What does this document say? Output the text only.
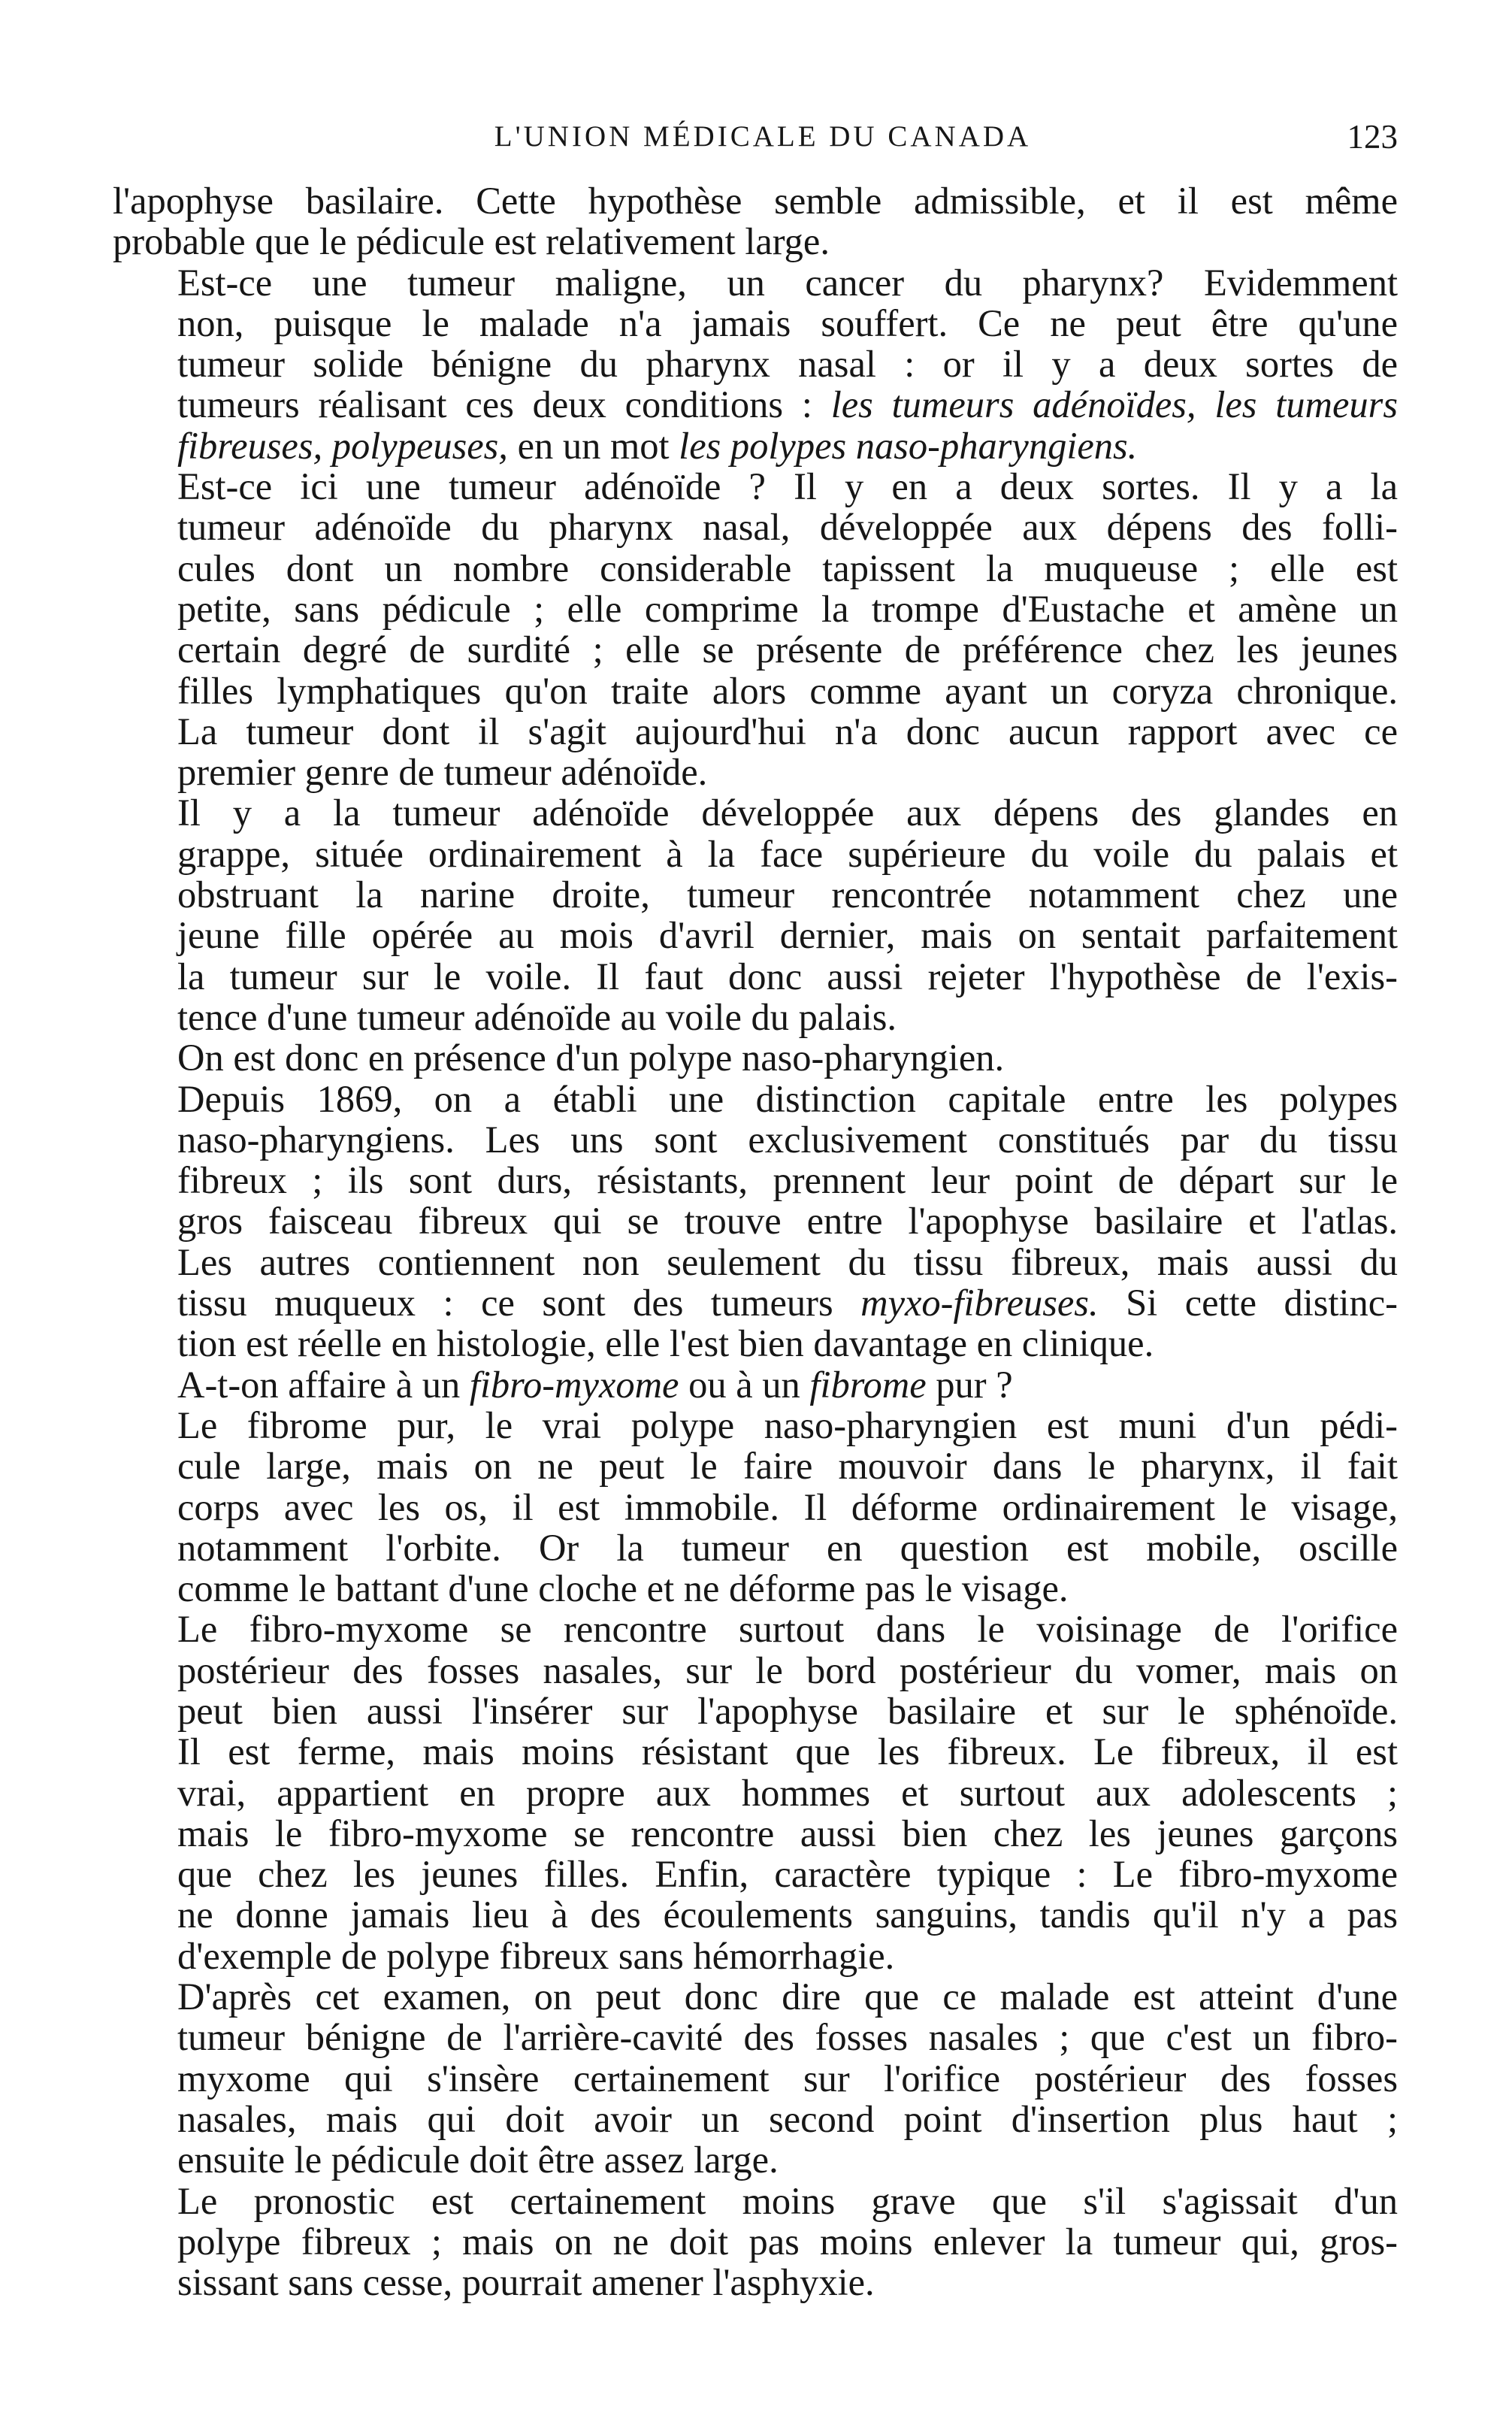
L'UNION MÉDICALE DU CANADA	123

l'apophyse basilaire. Cette hypothèse semble admissible, et il est même
probable que le pédicule est relativement large.

Est-ce une tumeur maligne, un cancer du pharynx? Evidemment
non, puisque le malade n'a jamais souffert. Ce ne peut être qu'une
tumeur solide bénigne du pharynx nasal : or il y a deux sortes de
tumeurs réalisant ces deux conditions : les tumeurs adénoïdes, les tumeurs
fibreuses, polypeuses, en un mot les polypes naso-pharyngiens.

Est-ce ici une tumeur adénoïde ? Il y en a deux sortes. Il y a la
tumeur adénoïde du pharynx nasal, développée aux dépens des folli-
cules dont un nombre considerable tapissent la muqueuse ; elle est
petite, sans pédicule ; elle comprime la trompe d'Eustache et amène un
certain degré de surdité ; elle se présente de préférence chez les jeunes
filles lymphatiques qu'on traite alors comme ayant un coryza chronique.
La tumeur dont il s'agit aujourd'hui n'a donc aucun rapport avec ce
premier genre de tumeur adénoïde.

Il y a la tumeur adénoïde développée aux dépens des glandes en
grappe, située ordinairement à la face supérieure du voile du palais et
obstruant la narine droite, tumeur rencontrée notamment chez une
jeune fille opérée au mois d'avril dernier, mais on sentait parfaitement
la tumeur sur le voile. Il faut donc aussi rejeter l'hypothèse de l'exis-
tence d'une tumeur adénoïde au voile du palais.

On est donc en présence d'un polype naso-pharyngien.

Depuis 1869, on a établi une distinction capitale entre les polypes
naso-pharyngiens. Les uns sont exclusivement constitués par du tissu
fibreux ; ils sont durs, résistants, prennent leur point de départ sur le
gros faisceau fibreux qui se trouve entre l'apophyse basilaire et l'atlas.
Les autres contiennent non seulement du tissu fibreux, mais aussi du
tissu muqueux : ce sont des tumeurs myxo-fibreuses. Si cette distinc-
tion est réelle en histologie, elle l'est bien davantage en clinique.

A-t-on affaire à un fibro-myxome ou à un fibrome pur ?

Le fibrome pur, le vrai polype naso-pharyngien est muni d'un pédi-
cule large, mais on ne peut le faire mouvoir dans le pharynx, il fait
corps avec les os, il est immobile. Il déforme ordinairement le visage,
notamment l'orbite. Or la tumeur en question est mobile, oscille
comme le battant d'une cloche et ne déforme pas le visage.

Le fibro-myxome se rencontre surtout dans le voisinage de l'orifice
postérieur des fosses nasales, sur le bord postérieur du vomer, mais on
peut bien aussi l'insérer sur l'apophyse basilaire et sur le sphénoïde.
Il est ferme, mais moins résistant que les fibreux. Le fibreux, il est
vrai, appartient en propre aux hommes et surtout aux adolescents ;
mais le fibro-myxome se rencontre aussi bien chez les jeunes garçons
que chez les jeunes filles. Enfin, caractère typique : Le fibro-myxome
ne donne jamais lieu à des écoulements sanguins, tandis qu'il n'y a pas
d'exemple de polype fibreux sans hémorrhagie.

D'après cet examen, on peut donc dire que ce malade est atteint d'une
tumeur bénigne de l'arrière-cavité des fosses nasales ; que c'est un fibro-
myxome qui s'insère certainement sur l'orifice postérieur des fosses
nasales, mais qui doit avoir un second point d'insertion plus haut ;
ensuite le pédicule doit être assez large.

Le pronostic est certainement moins grave que s'il s'agissait d'un
polype fibreux ; mais on ne doit pas moins enlever la tumeur qui, gros-
sissant sans cesse, pourrait amener l'asphyxie.
